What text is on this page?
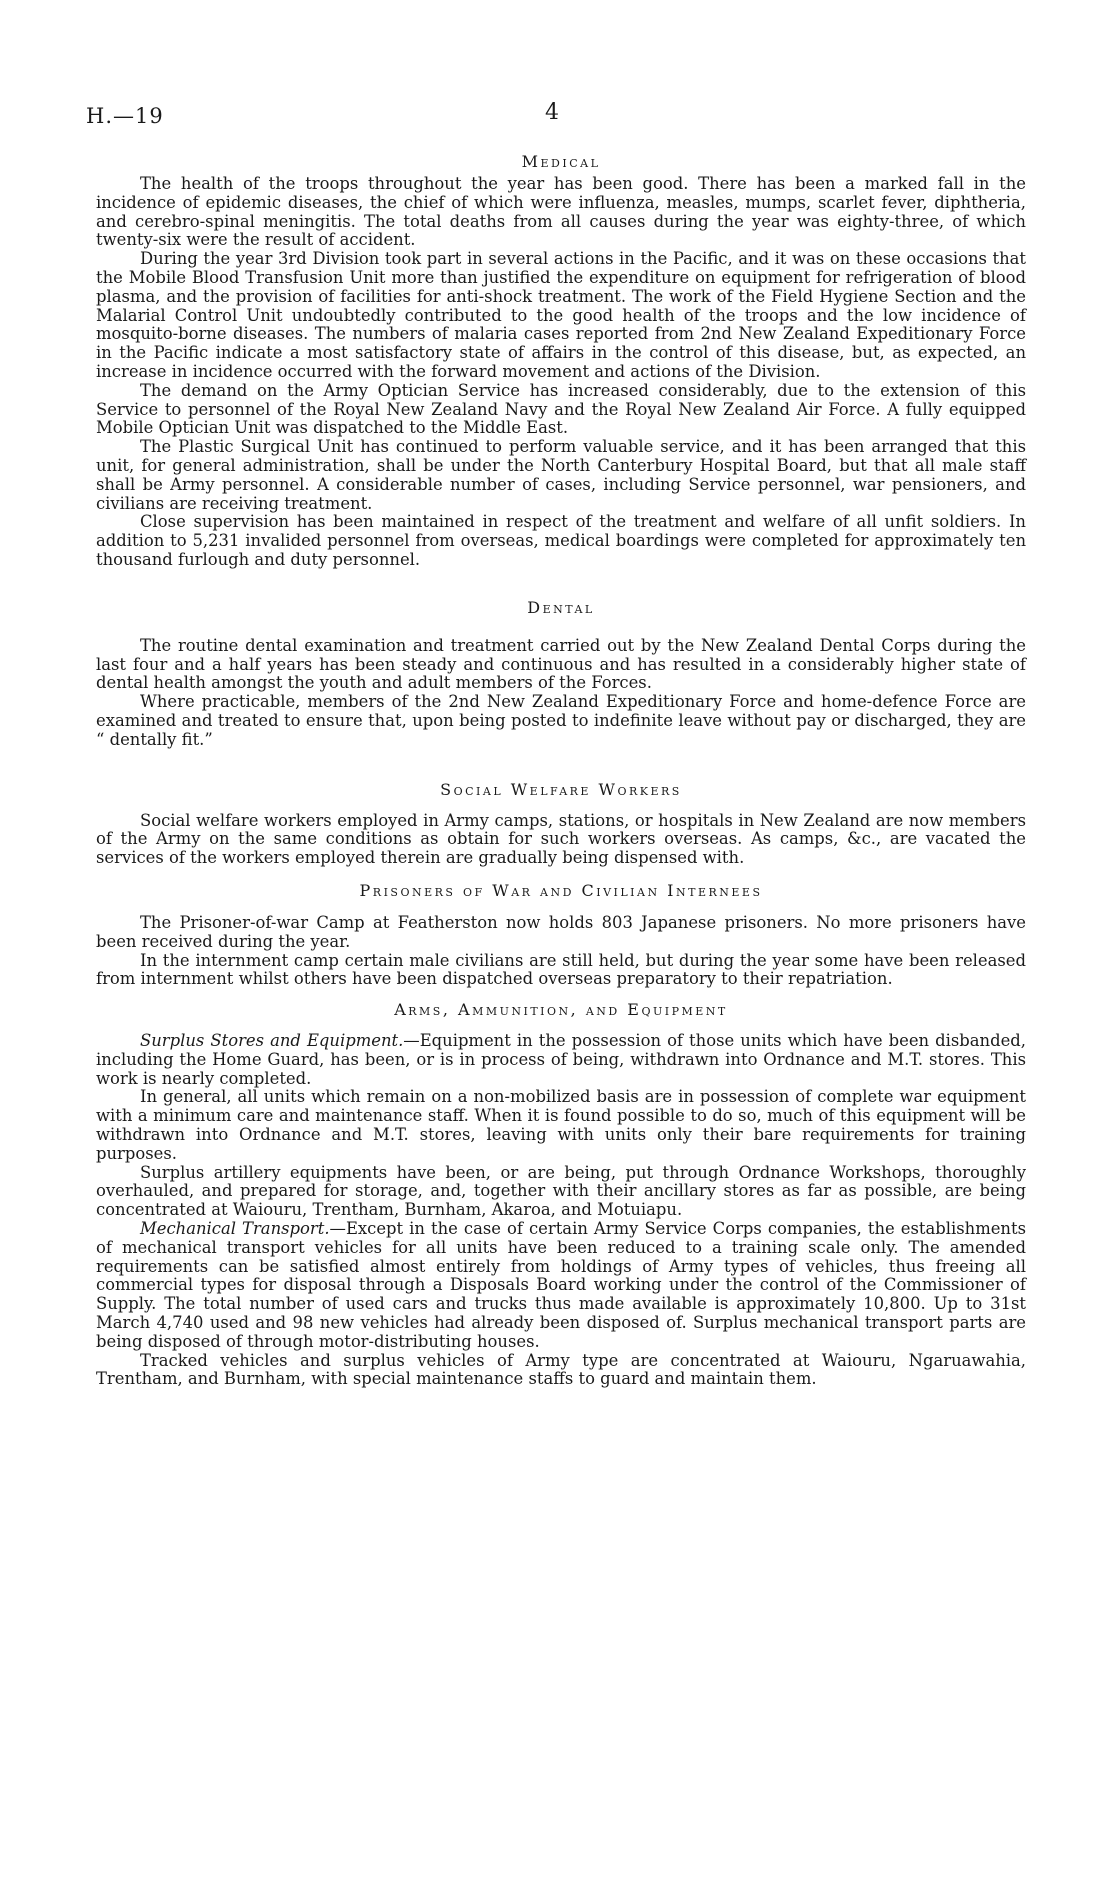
H.—19	4
Medical

The health of the troops throughout the year has been good. There has been a marked fall in the incidence of epidemic diseases, the chief of which were influenza, measles, mumps, scarlet fever, diphtheria, and cerebro-spinal meningitis. The total deaths from all causes during the year was eighty-three, of which twenty-six were the result of accident.

During the year 3rd Division took part in several actions in the Pacific, and it was on these occasions that the Mobile Blood Transfusion Unit more than justified the expenditure on equipment for refrigeration of blood plasma, and the provision of facilities for anti-shock treatment. The work of the Field Hygiene Section and the Malarial Control Unit undoubtedly contributed to the good health of the troops and the low incidence of mosquito-borne diseases. The numbers of malaria cases reported from 2nd New Zealand Expeditionary Force in the Pacific indicate a most satisfactory state of affairs in the control of this disease, but, as expected, an increase in incidence occurred with the forward movement and actions of the Division.

The demand on the Army Optician Service has increased considerably, due to the extension of this Service to personnel of the Royal New Zealand Navy and the Royal New Zealand Air Force. A fully equipped Mobile Optician Unit was dispatched to the Middle East.

The Plastic Surgical Unit has continued to perform valuable service, and it has been arranged that this unit, for general administration, shall be under the North Canterbury Hospital Board, but that all male staff shall be Army personnel. A considerable number of cases, including Service personnel, war pensioners, and civilians are receiving treatment.

Close supervision has been maintained in respect of the treatment and welfare of all unfit soldiers. In addition to 5,231 invalided personnel from overseas, medical boardings were completed for approximately ten thousand furlough and duty personnel.

Dental

The routine dental examination and treatment carried out by the New Zealand Dental Corps during the last four and a half years has been steady and continuous and has resulted in a considerably higher state of dental health amongst the youth and adult members of the Forces.

Where practicable, members of the 2nd New Zealand Expeditionary Force and home-defence Force are examined and treated to ensure that, upon being posted to indefinite leave without pay or discharged, they are “ dentally fit.”

Social Welfare Workers

Social welfare workers employed in Army camps, stations, or hospitals in New Zealand are now members of the Army on the same conditions as obtain for such workers overseas. As camps, &c., are vacated the services of the workers employed therein are gradually being dispensed with.

Prisoners of War and Civilian Internees

The Prisoner-of-war Camp at Featherston now holds 803 Japanese prisoners. No more prisoners have been received during the year.

In the internment camp certain male civilians are still held, but during the year some have been released from internment whilst others have been dispatched overseas preparatory to their repatriation.

Arms, Ammunition, and Equipment

Surplus Stores and Equipment.—Equipment in the possession of those units which have been disbanded, including the Home Guard, has been, or is in process of being, withdrawn into Ordnance and M.T. stores. This work is nearly completed.

In general, all units which remain on a non-mobilized basis are in possession of complete war equipment with a minimum care and maintenance staff. When it is found possible to do so, much of this equipment will be withdrawn into Ordnance and M.T. stores, leaving with units only their bare requirements for training purposes.

Surplus artillery equipments have been, or are being, put through Ordnance Workshops, thoroughly overhauled, and prepared for storage, and, together with their ancillary stores as far as possible, are being concentrated at Waiouru, Trentham, Burnham, Akaroa, and Motuiapu.

Mechanical Transport.—Except in the case of certain Army Service Corps companies, the establishments of mechanical transport vehicles for all units have been reduced to a training scale only. The amended requirements can be satisfied almost entirely from holdings of Army types of vehicles, thus freeing all commercial types for disposal through a Disposals Board working under the control of the Commissioner of Supply. The total number of used cars and trucks thus made available is approximately 10,800. Up to 31st March 4,740 used and 98 new vehicles had already been disposed of. Surplus mechanical transport parts are being disposed of through motor-distributing houses.

Tracked vehicles and surplus vehicles of Army type are concentrated at Waiouru, Ngaruawahia, Trentham, and Burnham, with special maintenance staffs to guard and maintain them.
